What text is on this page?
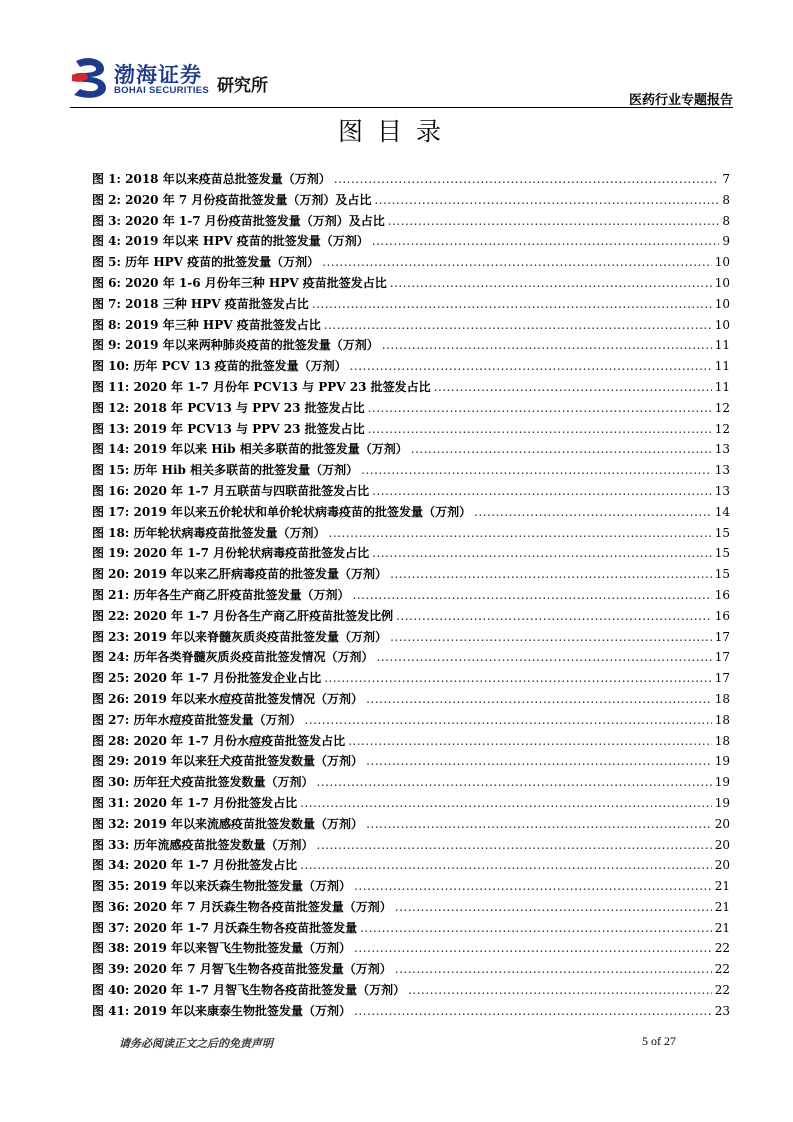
渤海证券
BOHAI SECURITIES 研究所
医药行业专题报告
图目录
图 1: 2018 年以来疫苗总批签发量（万剂） .....	7
图 2: 2020 年 7 月份疫苗批签发量（万剂）及占比 .....	8
图 3: 2020 年 1-7 月份疫苗批签发量（万剂）及占比 .....	8
图 4: 2019 年以来 HPV 疫苗的批签发量（万剂） .....	9
图 5: 历年 HPV 疫苗的批签发量（万剂） .....	10
图 6: 2020 年 1-6 月份年三种 HPV 疫苗批签发占比 .....	10
图 7: 2018 三种 HPV 疫苗批签发占比 .....	10
图 8: 2019 年三种 HPV 疫苗批签发占比 .....	10
图 9: 2019 年以来两种肺炎疫苗的批签发量（万剂） .....	11
图 10: 历年 PCV 13 疫苗的批签发量（万剂） .....	11
图 11: 2020 年 1-7 月份年 PCV13 与 PPV 23 批签发占比 .....	11
图 12: 2018 年 PCV13 与 PPV 23 批签发占比 .....	12
图 13: 2019 年 PCV13 与 PPV 23 批签发占比 .....	12
图 14: 2019 年以来 Hib 相关多联苗的批签发量（万剂） .....	13
图 15: 历年 Hib 相关多联苗的批签发量（万剂） .....	13
图 16: 2020 年 1-7 月五联苗与四联苗批签发占比 .....	13
图 17: 2019 年以来五价轮状和单价轮状病毒疫苗的批签发量（万剂） .....	14
图 18: 历年轮状病毒疫苗批签发量（万剂） .....	15
图 19: 2020 年 1-7 月份轮状病毒疫苗批签发占比 .....	15
图 20: 2019 年以来乙肝病毒疫苗的批签发量（万剂） .....	15
图 21: 历年各生产商乙肝疫苗批签发量（万剂） .....	16
图 22: 2020 年 1-7 月份各生产商乙肝疫苗批签发比例 .....	16
图 23: 2019 年以来脊髓灰质炎疫苗批签发量（万剂） .....	17
图 24: 历年各类脊髓灰质炎疫苗批签发情况（万剂） .....	17
图 25: 2020 年 1-7 月份批签发企业占比 .....	17
图 26: 2019 年以来水痘疫苗批签发情况（万剂） .....	18
图 27: 历年水痘疫苗批签发量（万剂） .....	18
图 28: 2020 年 1-7 月份水痘疫苗批签发占比 .....	18
图 29: 2019 年以来狂犬疫苗批签发数量（万剂） .....	19
图 30: 历年狂犬疫苗批签发数量（万剂） .....	19
图 31: 2020 年 1-7 月份批签发占比 .....	19
图 32: 2019 年以来流感疫苗批签发数量（万剂） .....	20
图 33: 历年流感疫苗批签发数量（万剂） .....	20
图 34: 2020 年 1-7 月份批签发占比 .....	20
图 35: 2019 年以来沃森生物批签发量（万剂） .....	21
图 36: 2020 年 7 月沃森生物各疫苗批签发量（万剂） .....	21
图 37: 2020 年 1-7 月沃森生物各疫苗批签发量 .....	21
图 38: 2019 年以来智飞生物批签发量（万剂） .....	22
图 39: 2020 年 7 月智飞生物各疫苗批签发量（万剂） .....	22
图 40: 2020 年 1-7 月智飞生物各疫苗批签发量（万剂） .....	22
图 41: 2019 年以来康泰生物批签发量（万剂） .....	23
请务必阅读正文之后的免责声明	5 of 27
